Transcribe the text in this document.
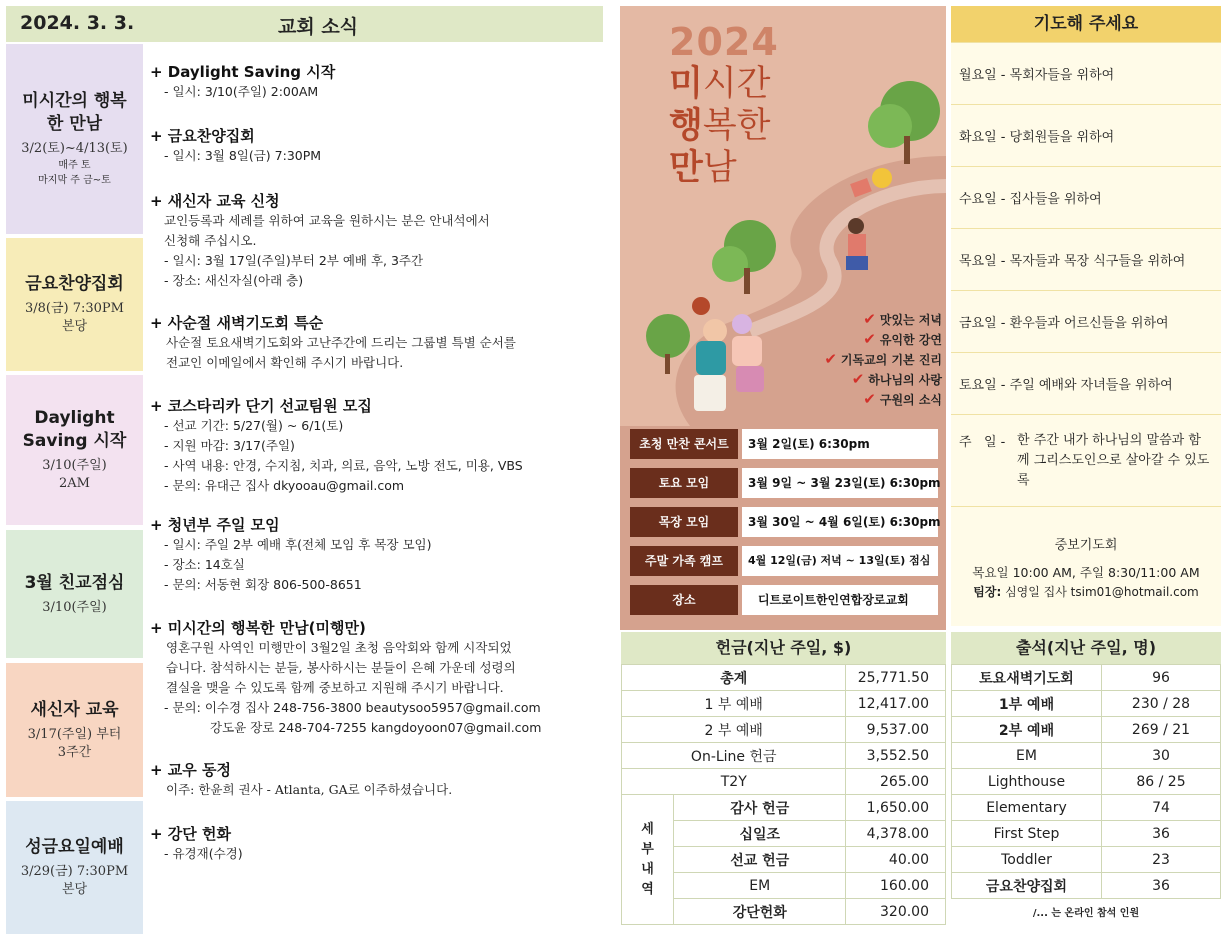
2024. 3. 3.	교회 소식
미시간의 행복한 만남
3/2(토)~4/13(토)
매주 토
마지막 주 금~토
금요찬양집회
3/8(금) 7:30PM
본당
Daylight Saving 시작
3/10(주일)
2AM
3월 친교점심
3/10(주일)
새신자 교육
3/17(주일) 부터
3주간
성금요일예배
3/29(금) 7:30PM
본당
+ Daylight Saving 시작
- 일시: 3/10(주일) 2:00AM
+ 금요찬양집회
- 일시: 3월 8일(금) 7:30PM
+ 새신자 교육 신청
교인등록과 세례를 위하여 교육을 원하시는 분은 안내석에서
신청해 주십시오.
- 일시: 3월 17일(주일)부터 2부 예배 후, 3주간
- 장소: 새신자실(아래 층)
+ 사순절 새벽기도회 특순
사순절 토요새벽기도회와 고난주간에 드리는 그룹별 특별 순서를
전교인 이메일에서 확인해 주시기 바랍니다.
+ 코스타리카 단기 선교팀원 모집
- 선교 기간: 5/27(월) ~ 6/1(토)
- 지원 마감: 3/17(주일)
- 사역 내용: 안경, 수지침, 치과, 의료, 음악, 노방 전도, 미용, VBS
- 문의: 유대근 집사 dkyooau@gmail.com
+ 청년부 주일 모임
- 일시: 주일 2부 예배 후(전체 모임 후 목장 모임)
- 장소: 14호실
- 문의: 서동현 회장 806-500-8651
+ 미시간의 행복한 만남(미행만)
영혼구원 사역인 미행만이 3월2일 초청 음악회와 함께 시작되었
습니다. 참석하시는 분들, 봉사하시는 분들이 은혜 가운데 성령의
결실을 맺을 수 있도록 함께 중보하고 지원해 주시기 바랍니다.
- 문의: 이수경 집사 248-756-3800 beautysoo5957@gmail.com
강도윤 장로 248-704-7255 kangdoyoon07@gmail.com
+ 교우 동정
이주: 한윤희 권사 - Atlanta, GA로 이주하셨습니다.
+ 강단 헌화
- 유경재(수경)
2024
미시간
행복한
만남
✔ 맛있는 저녁
✔ 유익한 강연
✔ 기독교의 기본 진리
✔ 하나님의 사랑
✔ 구원의 소식
초청 만찬 콘서트	3월 2일(토) 6:30pm
토요 모임	3월 9일 ~ 3월 23일(토) 6:30pm
목장 모임	3월 30일 ~ 4월 6일(토) 6:30pm
주말 가족 캠프	4월 12일(금) 저녁 ~ 13일(토) 점심
장소	디트로이트한인연합장로교회
기도해 주세요
월요일 - 목회자들을 위하여
화요일 - 당회원들을 위하여
수요일 - 집사들을 위하여
목요일 - 목자들과 목장 식구들을 위하여
금요일 - 환우들과 어르신들을 위하여
토요일 - 주일 예배와 자녀들을 위하여
주   일 - 한 주간 내가 하나님의 말씀과 함께 그리스도인으로 살아갈 수 있도록
중보기도회
목요일 10:00 AM, 주일 8:30/11:00 AM
팀장: 심영일 집사 tsim01@hotmail.com
헌금(지난 주일, $)
총계		25,771.50
1 부 예배		12,417.00
2 부 예배		9,537.00
On-Line 헌금		3,552.50
T2Y		265.00

세
부
내
역	감사 헌금	1,650.00
	십일조	4,378.00
	선교 헌금	40.00
	EM	160.00
	강단헌화	320.00
출석(지난 주일, 명)
토요새벽기도회	96
1부 예배	230 / 28
2부 예배	269 / 21
EM	30
Lighthouse	86 / 25
Elementary	74
First Step	36
Toddler	23
금요찬양집회	36
/... 는 온라인 참석 인원
